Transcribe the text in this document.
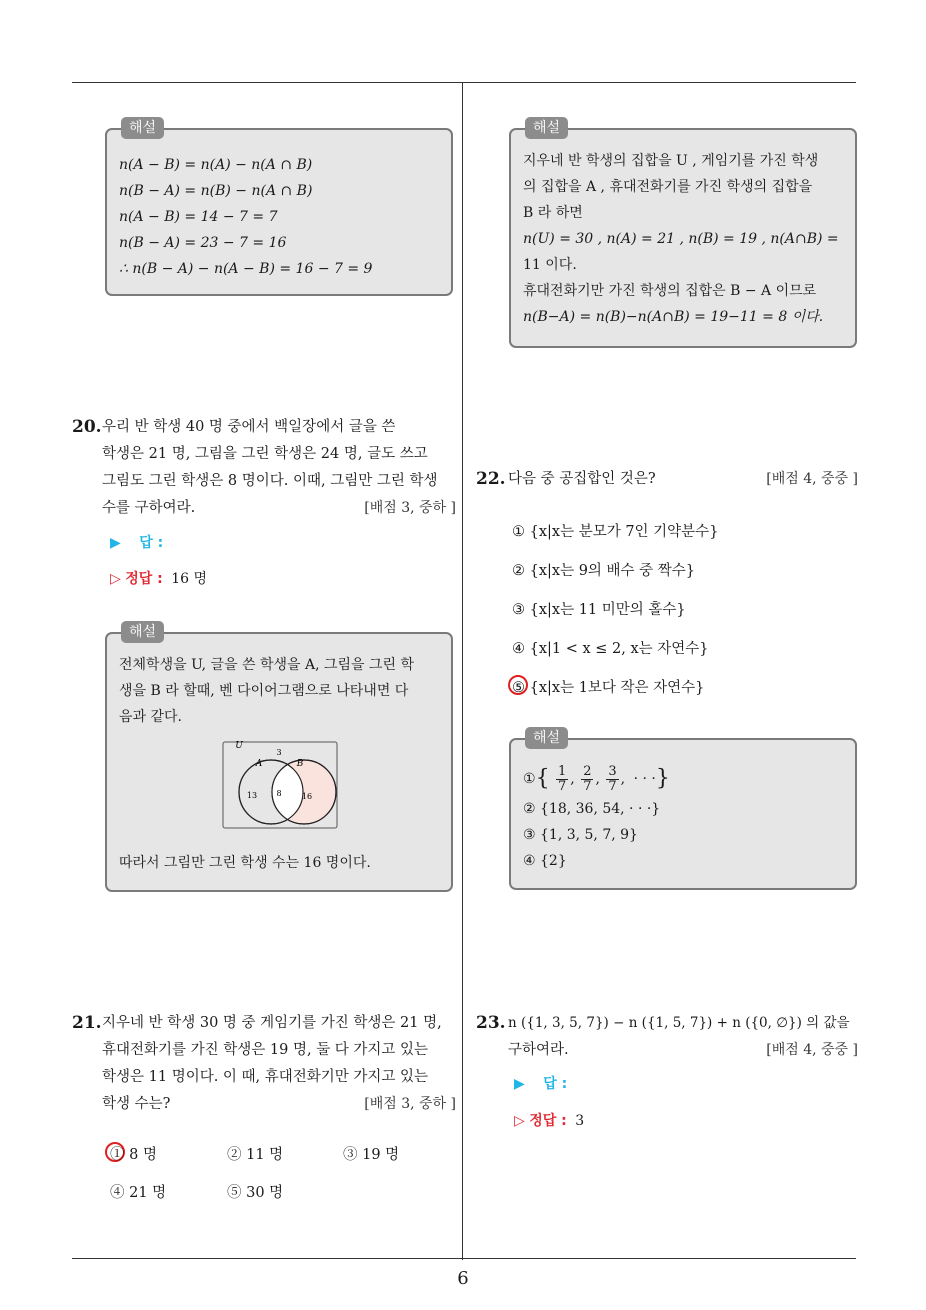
해설
n(A − B) = n(A) − n(A ∩ B)
n(B − A) = n(B) − n(A ∩ B)
n(A − B) = 14 − 7 = 7
n(B − A) = 23 − 7 = 16
∴ n(B − A) − n(A − B) = 16 − 7 = 9
해설
지우네 반 학생의 집합을 U , 게임기를 가진 학생
의 집합을 A , 휴대전화기를 가진 학생의 집합을
B 라 하면
n(U) = 30 , n(A) = 21 , n(B) = 19 , n(A∩B) =
11 이다.
휴대전화기만 가진 학생의 집합은 B − A 이므로
n(B−A) = n(B)−n(A∩B) = 19−11 = 8 이다.
20. 우리 반 학생 40 명 중에서 백일장에서 글을 쓴
학생은 21 명, 그림을 그린 학생은 24 명, 글도 쓰고
그림도 그린 학생은 8 명이다. 이때, 그림만 그린 학생
수를 구하여라.	[배점 3, 중하 ]
▶ 답 :
▷ 정답 : 16 명
해설
전체학생을 U, 글을 쓴 학생을 A, 그림을 그린 학
생을 B 라 할때, 벤 다이어그램으로 나타내면 다
음과 같다.
U
A	B
3
13 8	16
따라서 그림만 그린 학생 수는 16 명이다.
21. 지우네 반 학생 30 명 중 게임기를 가진 학생은 21 명,
휴대전화기를 가진 학생은 19 명, 둘 다 가지고 있는
학생은 11 명이다. 이 때, 휴대전화기만 가지고 있는
학생 수는?	[배점 3, 중하 ]
① 8 명	② 11 명	③ 19 명
④ 21 명	⑤ 30 명
22. 다음 중 공집합인 것은?	[배점 4, 중중 ]
① {x|x는 분모가 7인 기약분수}
② {x|x는 9의 배수 중 짝수}
③ {x|x는 11 미만의 홀수}
④ {x|1 < x ≤ 2, x는 자연수}
⑤ {x|x는 1보다 작은 자연수}
해설
①{ $\frac{1}{7}$ , $\frac{2}{7}$ , $\frac{3}{7}$ , · · ·}
② {18, 36, 54, · · ·}
③ {1, 3, 5, 7, 9}
④ {2}
23. n ({1, 3, 5, 7}) − n ({1, 5, 7}) + n ({0, ∅}) 의 값을
구하여라.	[배점 4, 중중 ]
▶ 답 :
▷ 정답 : 3
6
